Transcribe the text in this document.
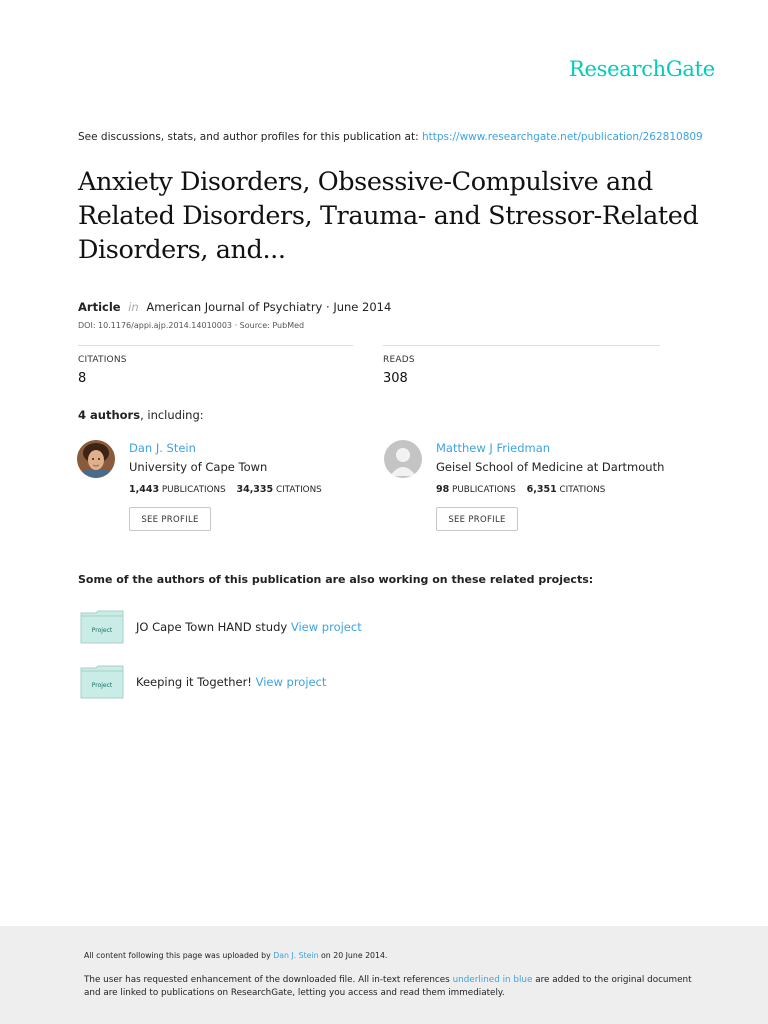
ResearchGate
See discussions, stats, and author profiles for this publication at: https://www.researchgate.net/publication/262810809
Anxiety Disorders, Obsessive-Compulsive and Related Disorders, Trauma- and Stressor-Related Disorders, and...
Article in American Journal of Psychiatry · June 2014
DOI: 10.1176/appi.ajp.2014.14010003 · Source: PubMed
CITATIONS
8
READS
308
4 authors, including:
Dan J. Stein
University of Cape Town
1,443 PUBLICATIONS 34,335 CITATIONS
SEE PROFILE
Matthew J Friedman
Geisel School of Medicine at Dartmouth
98 PUBLICATIONS 6,351 CITATIONS
SEE PROFILE
Some of the authors of this publication are also working on these related projects:
Project JO Cape Town HAND study View project
Project Keeping it Together! View project
All content following this page was uploaded by Dan J. Stein on 20 June 2014.
The user has requested enhancement of the downloaded file. All in-text references underlined in blue are added to the original document and are linked to publications on ResearchGate, letting you access and read them immediately.
